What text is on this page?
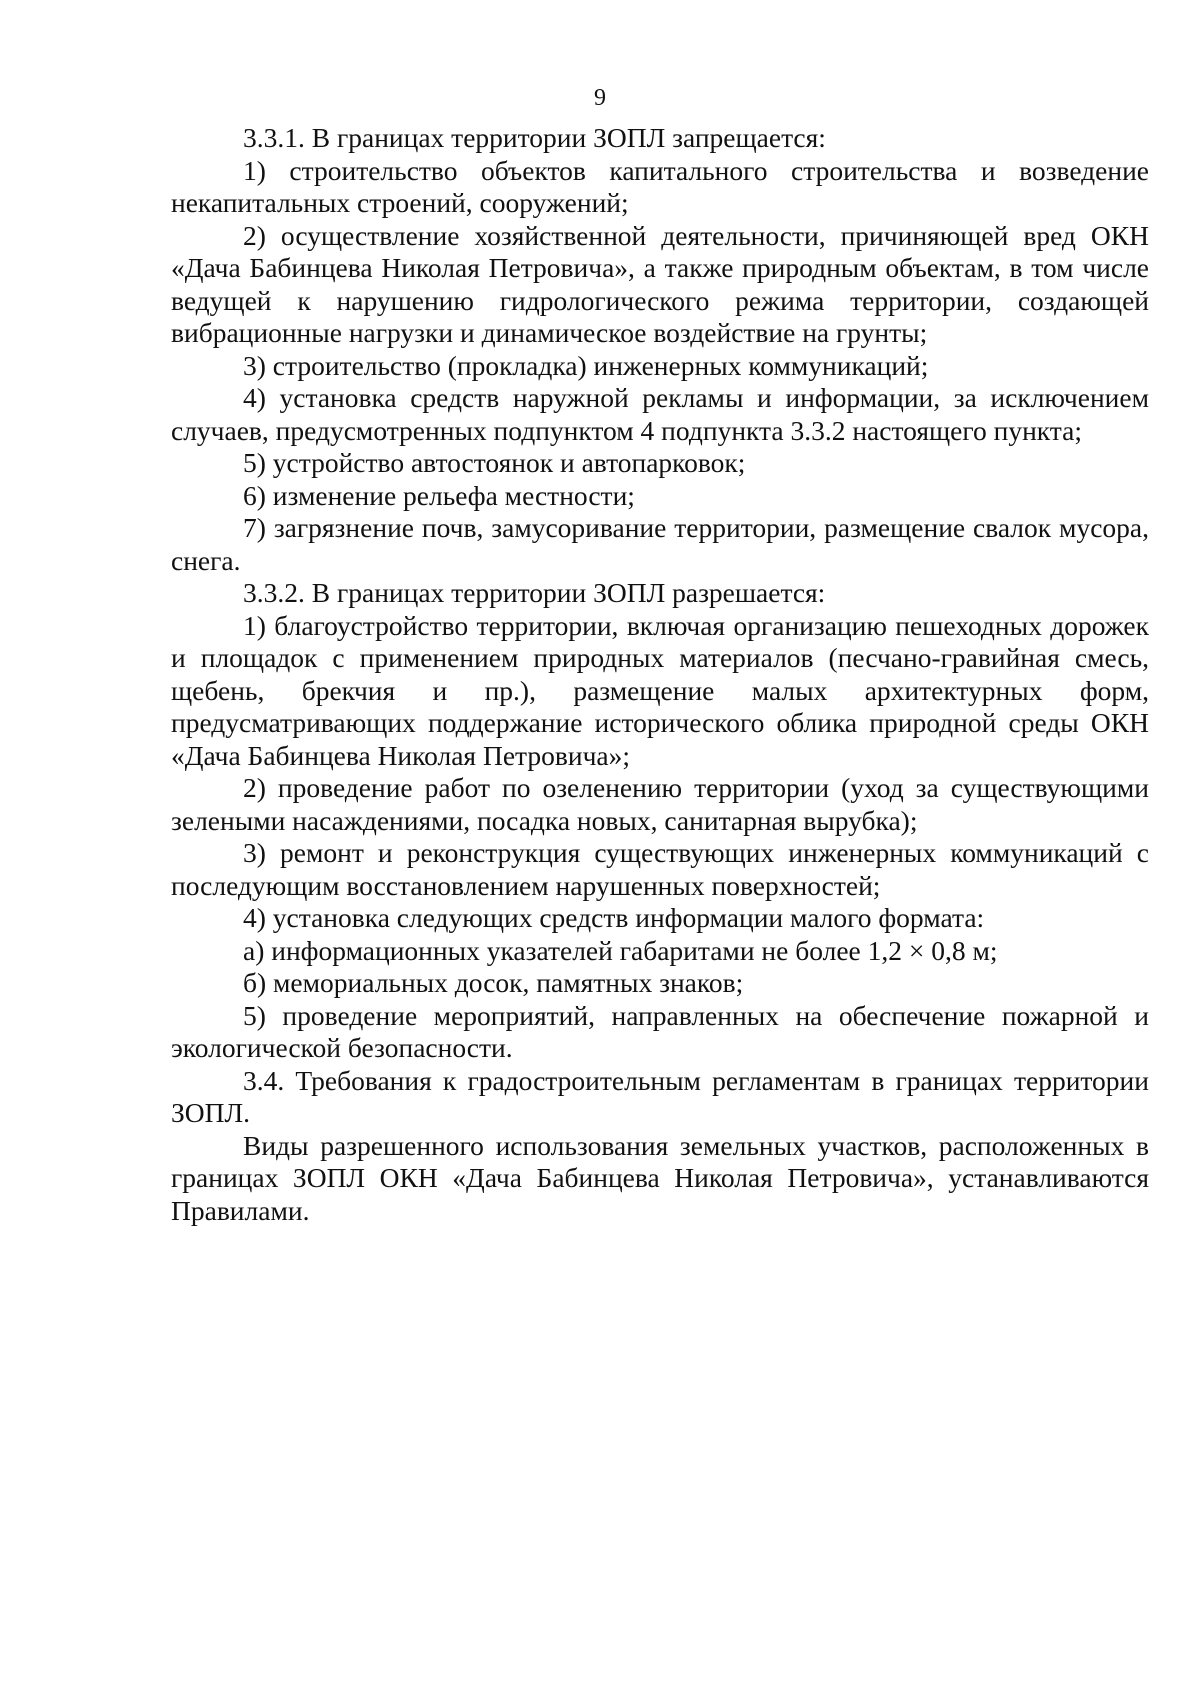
9

3.3.1. В границах территории ЗОПЛ запрещается:

1) строительство объектов капитального строительства и возведение некапитальных строений, сооружений;

2) осуществление хозяйственной деятельности, причиняющей вред ОКН «Дача Бабинцева Николая Петровича», а также природным объектам, в том числе ведущей к нарушению гидрологического режима территории, создающей вибрационные нагрузки и динамическое воздействие на грунты;

3) строительство (прокладка) инженерных коммуникаций;

4) установка средств наружной рекламы и информации, за исключением случаев, предусмотренных подпунктом 4 подпункта 3.3.2 настоящего пункта;

5) устройство автостоянок и автопарковок;

6) изменение рельефа местности;

7) загрязнение почв, замусоривание территории, размещение свалок мусора, снега.

3.3.2. В границах территории ЗОПЛ разрешается:

1) благоустройство территории, включая организацию пешеходных дорожек и площадок с применением природных материалов (песчано-гравийная смесь, щебень, брекчия и пр.), размещение малых архитектурных форм, предусматривающих поддержание исторического облика природной среды ОКН «Дача Бабинцева Николая Петровича»;

2) проведение работ по озеленению территории (уход за существующими зелеными насаждениями, посадка новых, санитарная вырубка);

3) ремонт и реконструкция существующих инженерных коммуникаций с последующим восстановлением нарушенных поверхностей;

4) установка следующих средств информации малого формата:

а) информационных указателей габаритами не более 1,2 × 0,8 м;

б) мемориальных досок, памятных знаков;

5) проведение мероприятий, направленных на обеспечение пожарной и экологической безопасности.

3.4. Требования к градостроительным регламентам в границах территории ЗОПЛ.

Виды разрешенного использования земельных участков, расположенных в границах ЗОПЛ ОКН «Дача Бабинцева Николая Петровича», устанавливаются Правилами.
